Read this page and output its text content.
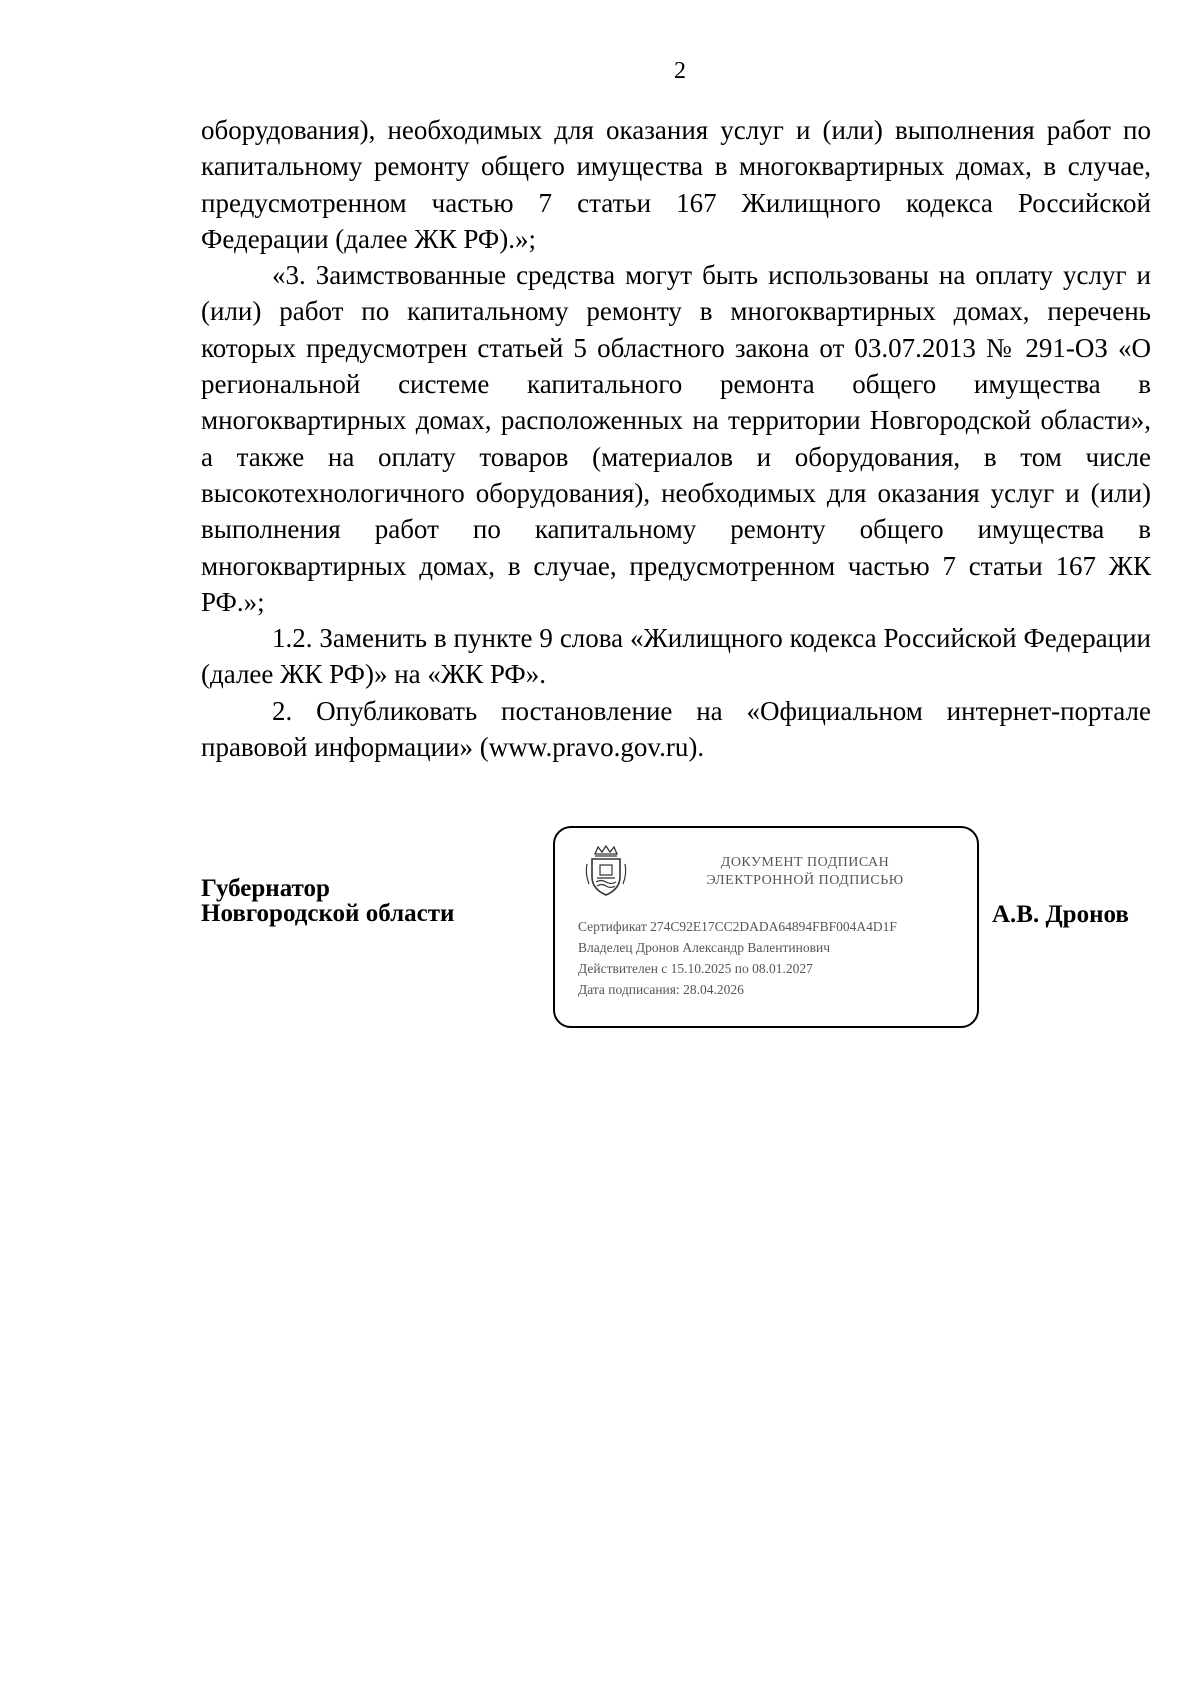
2

оборудования), необходимых для оказания услуг и (или) выполнения работ по капитальному ремонту общего имущества в многоквартирных домах, в случае, предусмотренном частью 7 статьи 167 Жилищного кодекса Российской Федерации (далее ЖК РФ).»;

«3. Заимствованные средства могут быть использованы на оплату услуг и (или) работ по капитальному ремонту в многоквартирных домах, перечень которых предусмотрен статьей 5 областного закона от 03.07.2013 № 291-ОЗ «О региональной системе капитального ремонта общего имущества в многоквартирных домах, расположенных на территории Новгородской области», а также на оплату товаров (материалов и оборудования, в том числе высокотехнологичного оборудования), необходимых для оказания услуг и (или) выполнения работ по капитальному ремонту общего имущества в многоквартирных домах, в случае, предусмотренном частью 7 статьи 167 ЖК РФ.»;

1.2. Заменить в пункте 9 слова «Жилищного кодекса Российской Федерации (далее ЖК РФ)» на «ЖК РФ».

2. Опубликовать постановление на «Официальном интернет-портале правовой информации» (www.pravo.gov.ru).

Губернатор
Новгородской области
ДОКУМЕНТ ПОДПИСАН
ЭЛЕКТРОННОЙ ПОДПИСЬЮ
Сертификат 274C92E17CC2DADA64894FBF004A4D1F
Владелец Дронов Александр Валентинович
Действителен с 15.10.2025 по 08.01.2027
Дата подписания: 28.04.2026
А.В. Дронов
